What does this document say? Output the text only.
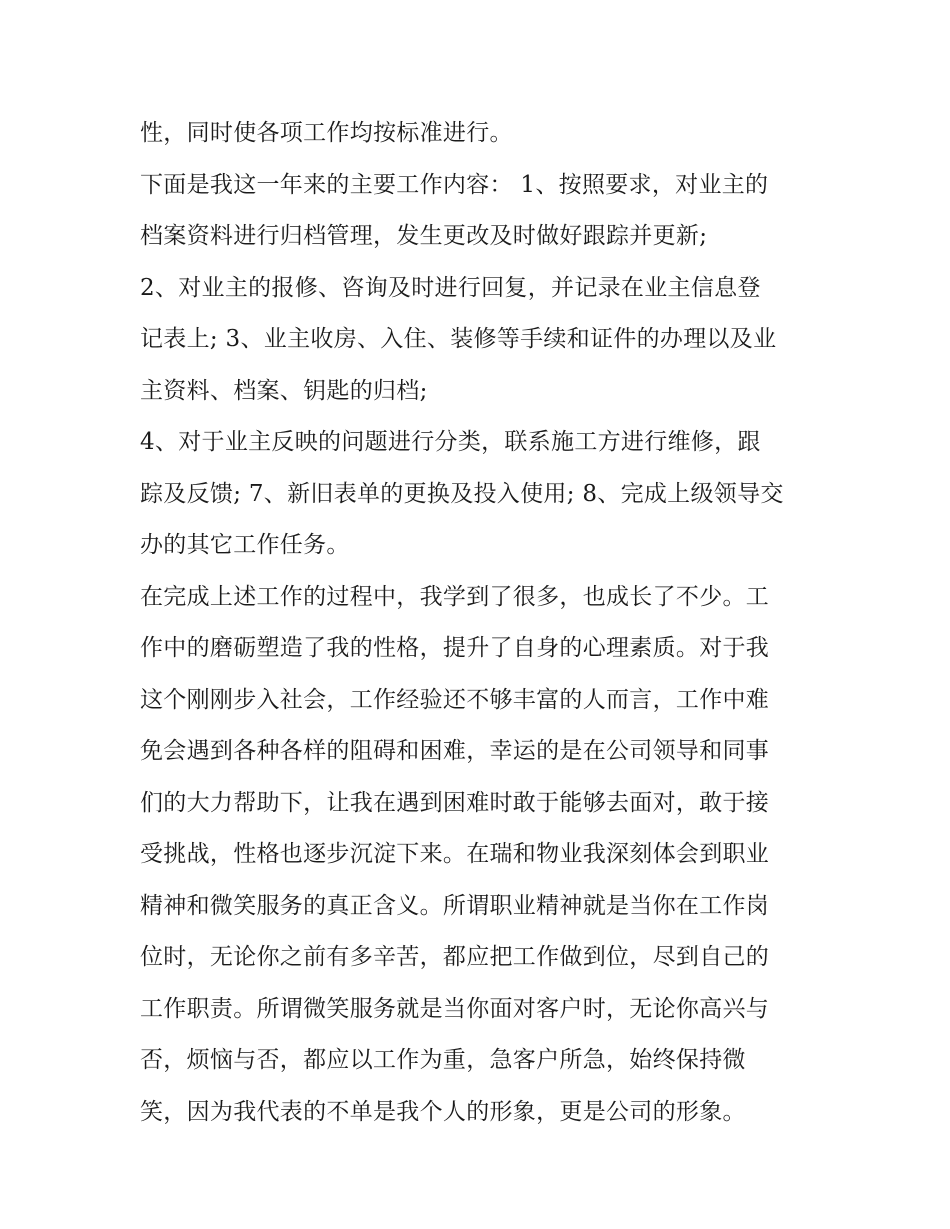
性，同时使各项工作均按标准进行。
下面是我这一年来的主要工作内容： 1、按照要求，对业主的
档案资料进行归档管理，发生更改及时做好跟踪并更新;
2、对业主的报修、咨询及时进行回复，并记录在业主信息登
记表上; 3、业主收房、入住、装修等手续和证件的办理以及业
主资料、档案、钥匙的归档;
4、对于业主反映的问题进行分类，联系施工方进行维修，跟
踪及反馈; 7、新旧表单的更换及投入使用; 8、完成上级领导交
办的其它工作任务。
在完成上述工作的过程中，我学到了很多，也成长了不少。工
作中的磨砺塑造了我的性格，提升了自身的心理素质。对于我
这个刚刚步入社会，工作经验还不够丰富的人而言，工作中难
免会遇到各种各样的阻碍和困难，幸运的是在公司领导和同事
们的大力帮助下，让我在遇到困难时敢于能够去面对，敢于接
受挑战，性格也逐步沉淀下来。在瑞和物业我深刻体会到职业
精神和微笑服务的真正含义。所谓职业精神就是当你在工作岗
位时，无论你之前有多辛苦，都应把工作做到位，尽到自己的
工作职责。所谓微笑服务就是当你面对客户时，无论你高兴与
否，烦恼与否，都应以工作为重，急客户所急，始终保持微
笑，因为我代表的不单是我个人的形象，更是公司的形象。
